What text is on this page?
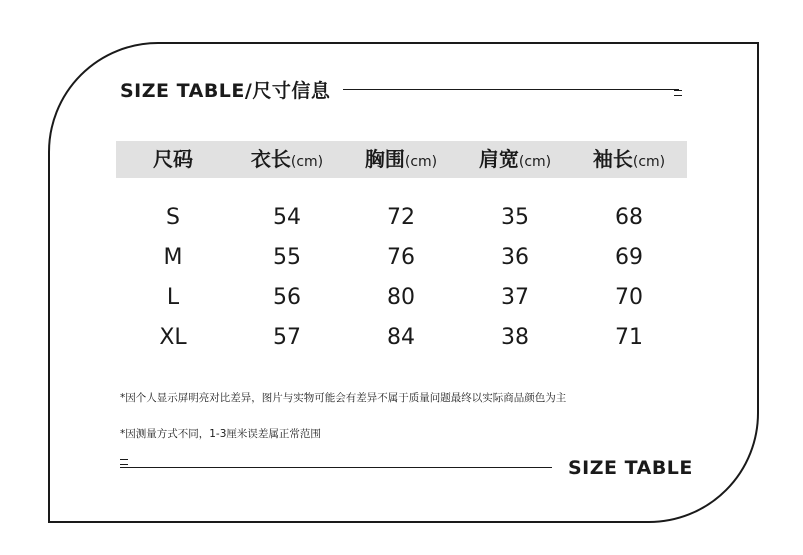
SIZE TABLE/尺寸信息
尺码	衣长(cm)	胸围(cm)	肩宽(cm)	袖长(cm)
S	54	72	35	68
M	55	76	36	69
L	56	80	37	70
XL	57	84	38	71
*因个人显示屏明亮对比差异，图片与实物可能会有差异不属于质量问题最终以实际商品颜色为主
*因测量方式不同，1-3厘米误差属正常范围
SIZE TABLE
